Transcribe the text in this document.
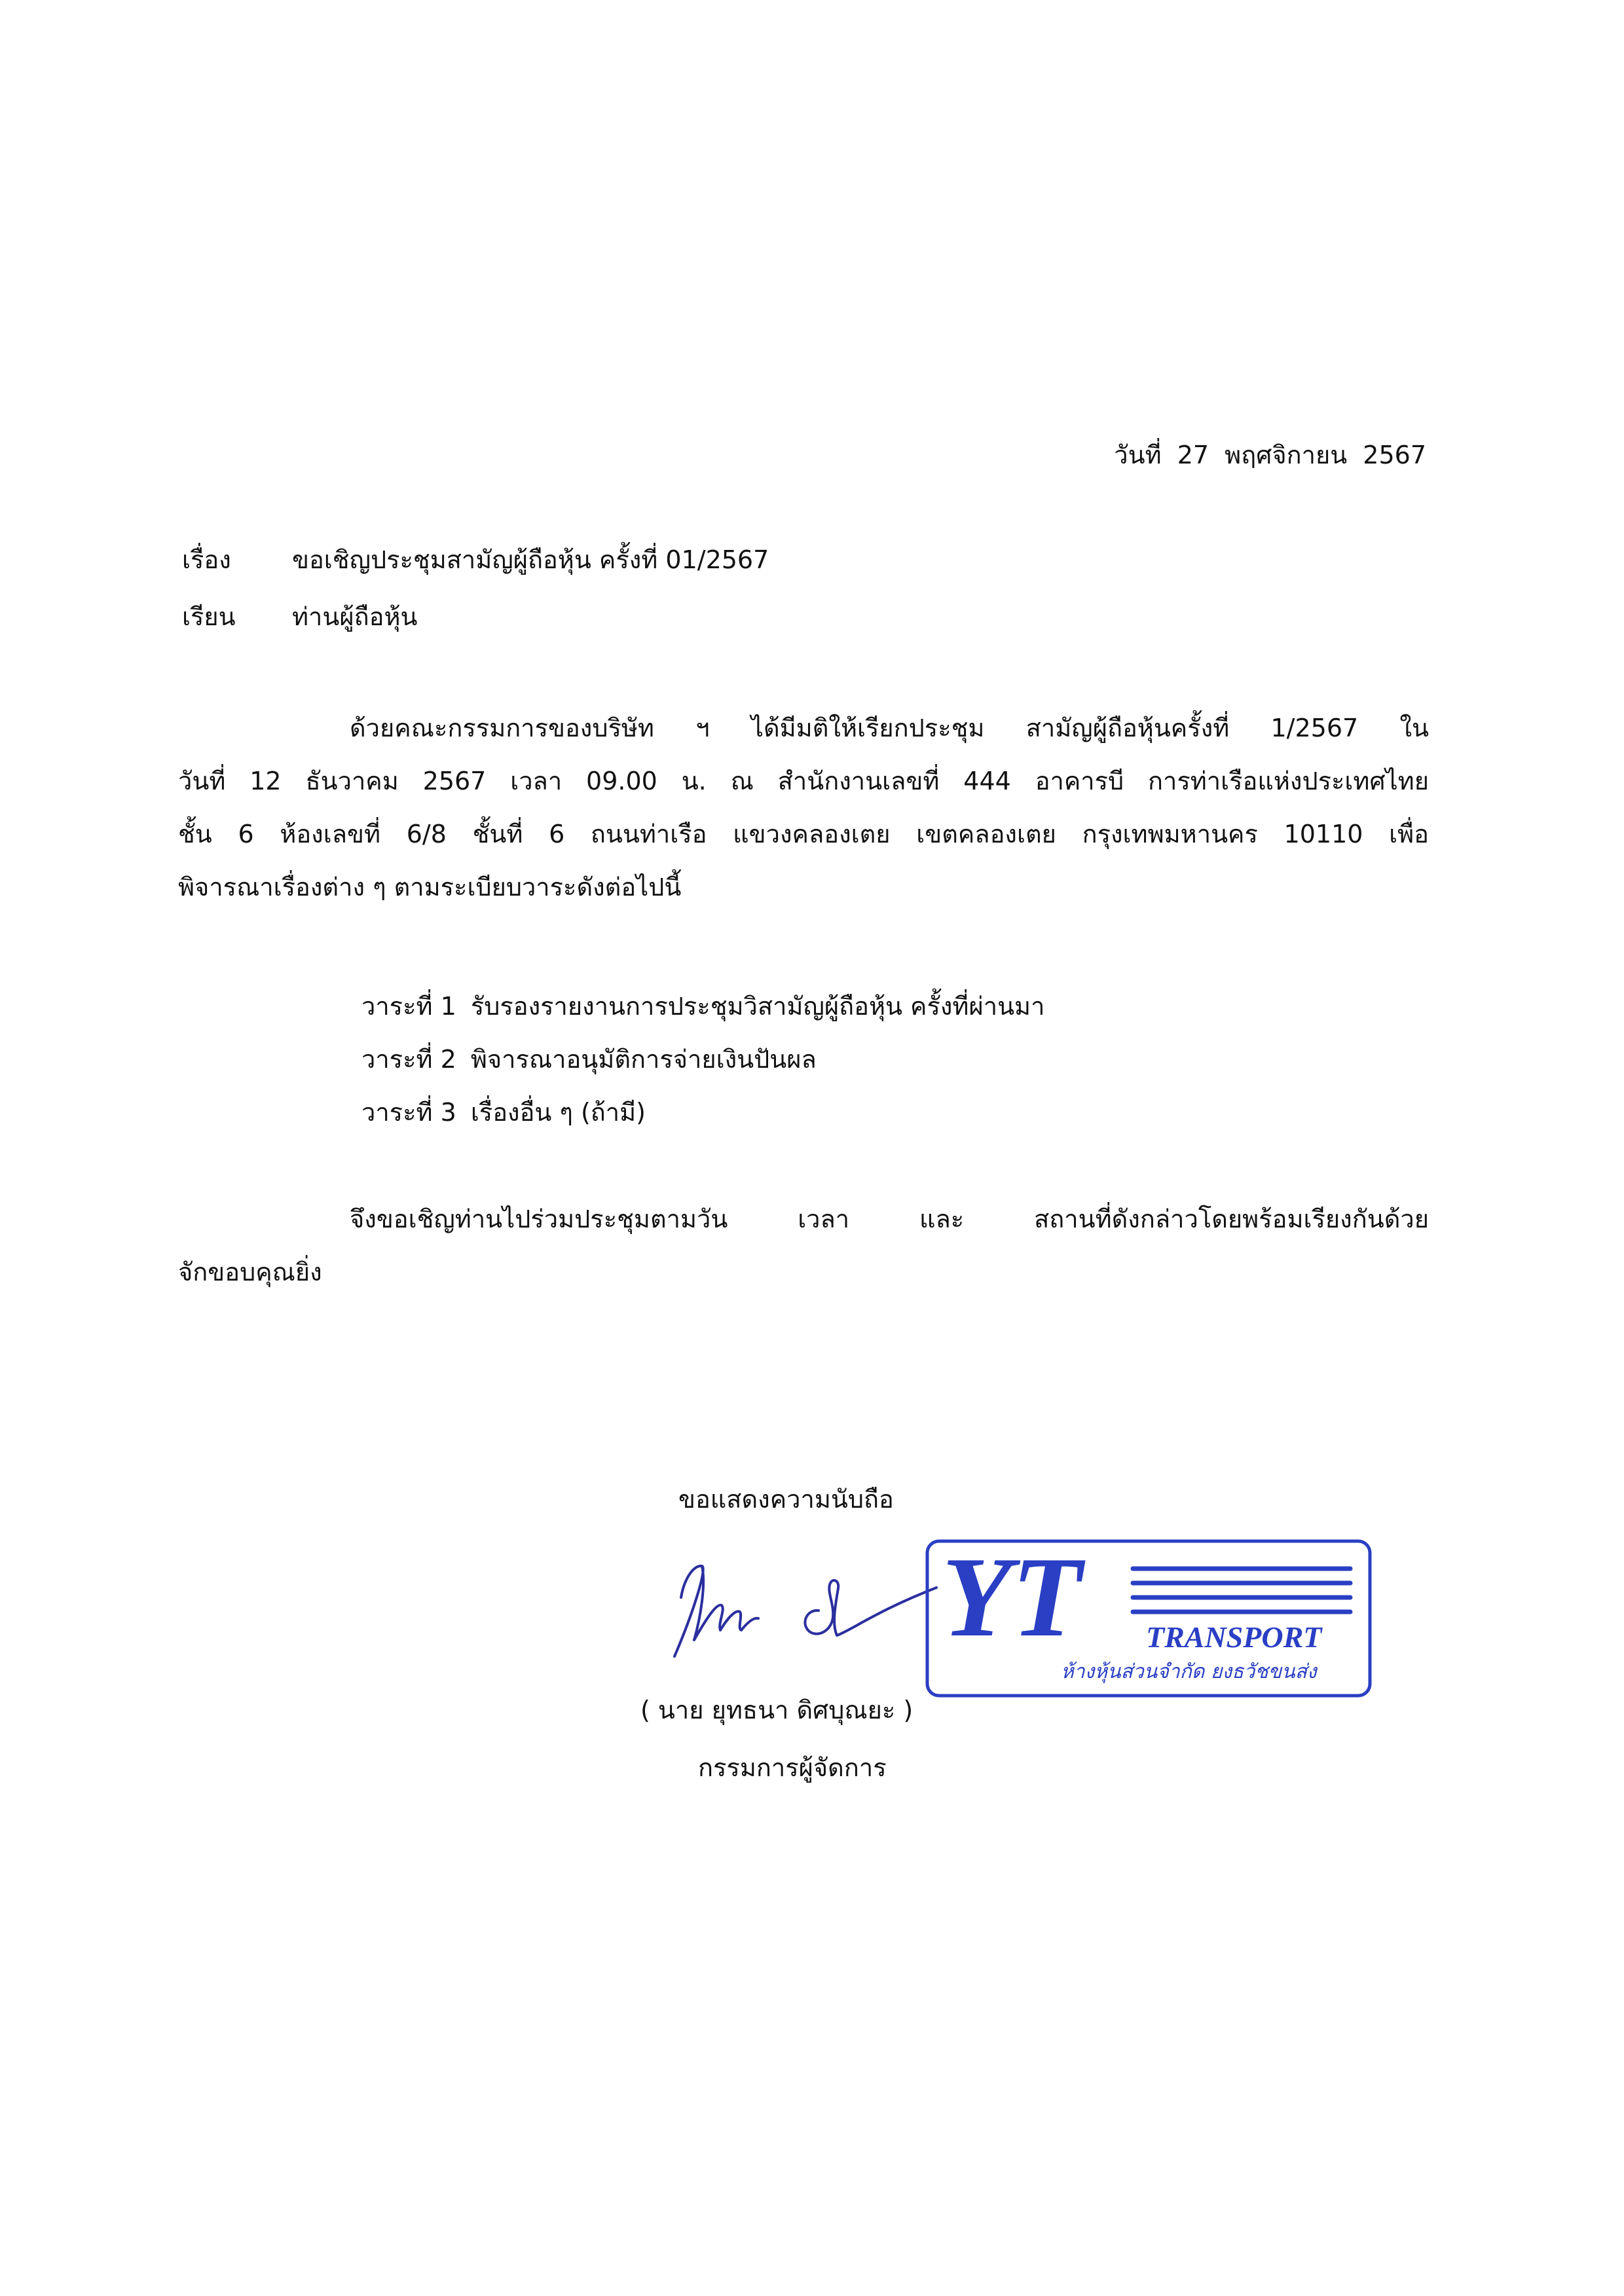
วันที่ 27 พฤศจิกายน 2567
เรื่อง ขอเชิญประชุมสามัญผู้ถือหุ้น ครั้งที่ 01/2567
เรียน ท่านผู้ถือหุ้น
ด้วยคณะกรรมการของบริษัท ฯ ได้มีมติให้เรียกประชุม สามัญผู้ถือหุ้นครั้งที่ 1/2567 ใน
วันที่ 12 ธันวาคม 2567 เวลา 09.00 น. ณ สำนักงานเลขที่ 444 อาคารบี การท่าเรือแห่งประเทศไทย
ชั้น 6 ห้องเลขที่ 6/8 ชั้นที่ 6 ถนนท่าเรือ แขวงคลองเตย เขตคลองเตย กรุงเทพมหานคร 10110 เพื่อ
พิจารณาเรื่องต่าง ๆ ตามระเบียบวาระดังต่อไปนี้
วาระที่ 1 รับรองรายงานการประชุมวิสามัญผู้ถือหุ้น ครั้งที่ผ่านมา
วาระที่ 2 พิจารณาอนุมัติการจ่ายเงินปันผล
วาระที่ 3 เรื่องอื่น ๆ (ถ้ามี)
จึงขอเชิญท่านไปร่วมประชุมตามวัน เวลา และ สถานที่ดังกล่าวโดยพร้อมเรียงกันด้วย
จักขอบคุณยิ่ง
ขอแสดงความนับถือ
YT TRANSPORT
ห้างหุ้นส่วนจำกัด ยงธวัชขนส่ง
( นาย ยุทธนา ดิศบุณยะ )
กรรมการผู้จัดการ
